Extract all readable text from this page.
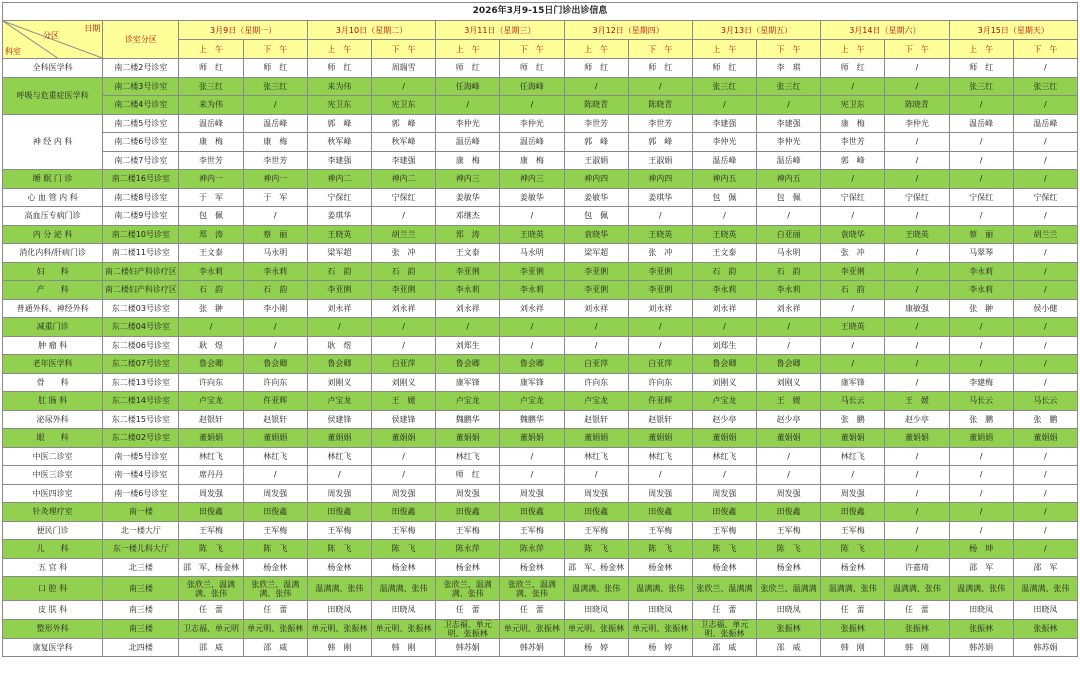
2026年3月9-15日门诊出诊信息															

科室
分区
日期	诊室分区	3月9日（星期一）		3月10日（星期二）		3月11日（星期三）		3月12日（星期四）		3月13日（星期五）		3月14日（星期六）		3月15日（星期天）	
		上　午	下　午	上　午	下　午	上　午	下　午	上　午	下　午	上　午	下　午	上　午	下　午	上　午	下　午
全科医学科	南二楼2号诊室	师　红	师　红	师　红	周瑞雪	师　红	师　红	师　红	师　红	师　红	李　琪	师　红	/	师　红	/
呼吸与危重症医学科	南二楼3号诊室	张三红	张三红	来为伟	/	任海峰	任海峰	/	/	张三红	张三红	/	/	张三红	张三红
	南二楼4号诊室	来为伟	/	宪卫东	宪卫东	/	/	陈晓青	陈晓青	/	/	宪卫东	陈晓青	/	/
神 经 内 科	南二楼5号诊室	温岳峰	温岳峰	郭　峰	郭　峰	李仲光	李仲光	李世芳	李世芳	李建强	李建强	康　梅	李仲光	温岳峰	温岳峰
	南二楼6号诊室	康　梅	康　梅	秋军峰	秋军峰	温岳峰	温岳峰	郭　峰	郭　峰	李仲光	李仲光	李世芳	/	/	/
	南二楼7号诊室	李世芳	李世芳	李建强	李建强	康　梅	康　梅	王淑娟	王淑娟	温岳峰	温岳峰	郭　峰	/	/	/
睡 眠 门 诊	南二楼16号诊室	神内一	神内一	神内二	神内二	神内三	神内三	神内四	神内四	神内五	神内五	/	/	/	/
心 血 管 内 科	南二楼8号诊室	于　军	于　军	宁保红	宁保红	姜敏华	姜敏华	姜敏华	姜琪华	包　佩	包　佩	宁保红	宁保红	宁保红	宁保红
高血压专病门诊	南二楼9号诊室	包　佩	/	姜琪华	/	邓继杰	/	包　佩	/	/	/	/	/	/	/
内 分 泌 科	南二楼10号诊室	郑　涛	蔡　丽	王晓英	胡兰兰	郑　涛	王晓英	袁晓华	王晓英	王晓英	白亚丽	袁晓华	王晓英	蔡　丽	胡兰兰
消化内科/肝病门诊	南二楼11号诊室	王文泰	马永明	梁军超	张　冲	王文泰	马永明	梁军超	张　冲	王文泰	马永明	张　冲	/	马翠琴	/
妇　　科	南二楼妇产科诊疗区	李永莉	李永莉	石　韵	石　韵	李亚俐	李亚俐	李亚俐	李亚俐	石　韵	石　韵	李亚俐	/	李永莉	/
产　　科	南二楼妇产科诊疗区	石　韵	石　韵	李亚俐	李亚俐	李永莉	李永莉	李亚俐	李亚俐	李永莉	李永莉	石　韵	/	李永莉	/
普通外科、神经外科	东二楼03号诊室	张　翀	李小刚	刘永祥	刘永祥	刘永祥	刘永祥	刘永祥	刘永祥	刘永祥	刘永祥	/	康敏强	张　翀	侯小健
减重门诊	东二楼04号诊室	/	/	/	/	/	/	/	/	/	/	王晓英	/	/	/
肿 瘤 科	东二楼06号诊室	耿　煜	/	耿　煜	/	刘郑生	/	/	/	刘郑生	/	/	/	/	/
老年医学科	东二楼07号诊室	鲁会卿	鲁会卿	鲁会卿	白亚萍	鲁会卿	鲁会卿	白亚萍	白亚萍	鲁会卿	鲁会卿	/	/	/	/
骨　　科	东二楼13号诊室	许向东	许向东	刘刚义	刘刚义	康军锋	康军锋	许向东	许向东	刘刚义	刘刚义	康军锋	/	李建梅	/
肛 肠 科	东二楼14号诊室	卢宝龙	仵亚辉	卢宝龙	王　媛	卢宝龙	卢宝龙	卢宝龙	仵亚辉	卢宝龙	王　媛	马长云	王　媛	马长云	马长云
泌尿外科	东二楼15号诊室	赵银轩	赵银轩	侯建锋	侯建锋	魏鹏华	魏鹏华	赵银轩	赵银轩	赵少亭	赵少亭	张　鹏	赵少亭	张　鹏	张　鹏
眼　　科	东二楼02号诊室	董娟娟	董娟娟	董娟娟	董娟娟	董娟娟	董娟娟	董娟娟	董娟娟	董娟娟	董娟娟	董娟娟	董娟娟	董娟娟	董娟娟
中医二诊室	南一楼5号诊室	林红飞	林红飞	林红飞	/	林红飞	/	林红飞	林红飞	林红飞	/	林红飞	/	/	/
中医三诊室	南一楼4号诊室	席丹丹	/	/	/	师　红	/	/	/	/	/	/	/	/	/
中医四诊室	南一楼6号诊室	周发强	周发强	周发强	周发强	周发强	周发强	周发强	周发强	周发强	周发强	周发强	/	/	/
针灸理疗室	南一楼	田俊鑫	田俊鑫	田俊鑫	田俊鑫	田俊鑫	田俊鑫	田俊鑫	田俊鑫	田俊鑫	田俊鑫	田俊鑫	/	/	/
便民门诊	北一楼大厅	王军梅	王军梅	王军梅	王军梅	王军梅	王军梅	王军梅	王军梅	王军梅	王军梅	王军梅	/	/	/
儿　　科	东一楼儿科大厅	陈　飞	陈　飞	陈　飞	陈　飞	陈永萍	陈永萍	陈　飞	陈　飞	陈　飞	陈　飞	陈　飞	/	杨　坤	/
五 官 科	北三楼	邵　军、杨金林	杨金林	杨金林	杨金林	杨金林	杨金林	邵　军、杨金林	杨金林	杨金林	杨金林	杨金林	许嘉琦	邵　军	邵　军
口 腔 科	南三楼	张欣兰、温满满、张伟	张欣兰、温满满、张伟	温满满、张伟	温满满、张伟	张欣兰、温满满、张伟	张欣兰、温满满、张伟	温满满、张伟	温满满、张伟	张欣兰、温满满	张欣兰、温满满	温满满、张伟	温满满、张伟	温满满、张伟	温满满、张伟
皮 肤 科	南三楼	任　蕾	任　蕾	田晓凤	田晓凤	任　蕾	任　蕾	田晓凤	田晓凤	任　蕾	田晓凤	任　蕾	任　蕾	田晓凤	田晓凤
整形外科	南三楼	卫志福、单元明	单元明、张振林	单元明、张振林	单元明、张振林	卫志福、单元明、张振林	单元明、张振林	单元明、张振林	单元明、张振林	卫志福、单元明、张振林	张振林	张振林	张振林	张振林	张振林
康复医学科	北四楼	邵　威	邵　威	韩　刚	韩　刚	韩苏娟	韩苏娟	杨　婷	杨　婷	邵　威	邵　威	韩　刚	韩　刚	韩苏娟	韩苏娟
